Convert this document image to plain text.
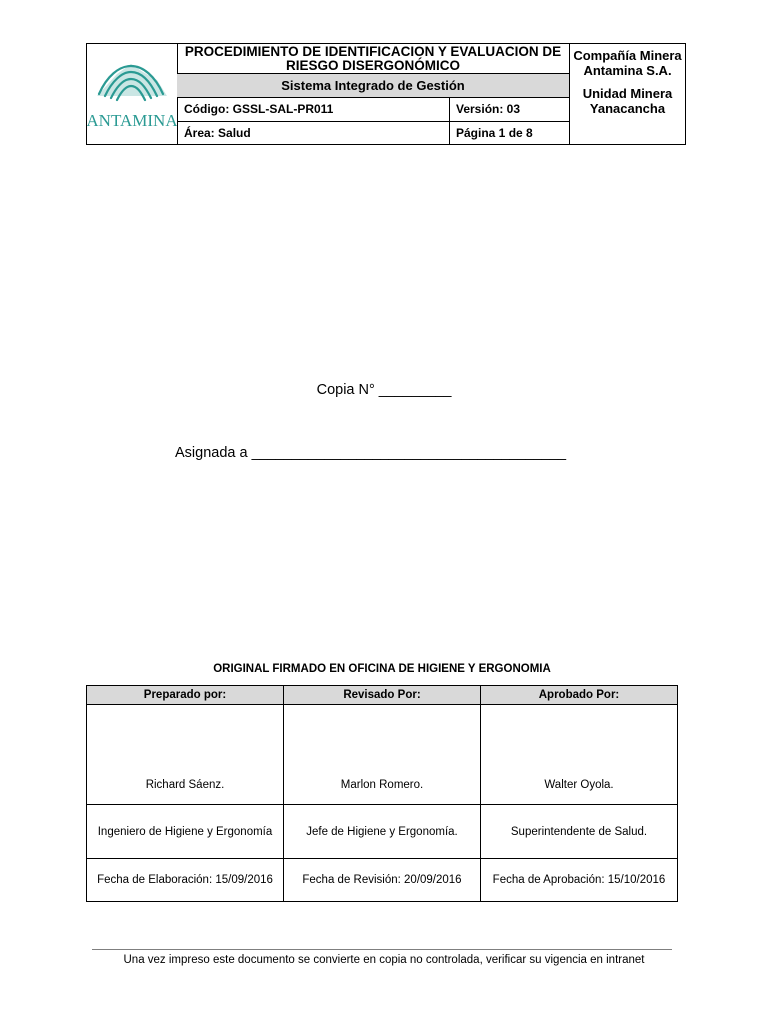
ANTAMINA
PROCEDIMIENTO DE IDENTIFICACION Y EVALUACION DE RIESGO DISERGONÓMICO
Sistema Integrado de Gestión
Código: GSSL-SAL-PR011	Versión: 03
Área: Salud	Página 1 de 8
Compañía Minera Antamina S.A.
Unidad Minera Yanacancha
Copia N° _________
Asignada a _______________________________________
ORIGINAL FIRMADO EN OFICINA DE HIGIENE Y ERGONOMIA
Preparado por:	Revisado Por:	Aprobado Por:
Richard Sáenz.	Marlon Romero.	Walter Oyola.
Ingeniero de Higiene y Ergonomía	Jefe de Higiene y Ergonomía.	Superintendente de Salud.
Fecha de Elaboración: 15/09/2016	Fecha de Revisión: 20/09/2016	Fecha de Aprobación: 15/10/2016
Una vez impreso este documento se convierte en copia no controlada, verificar su vigencia en intranet
